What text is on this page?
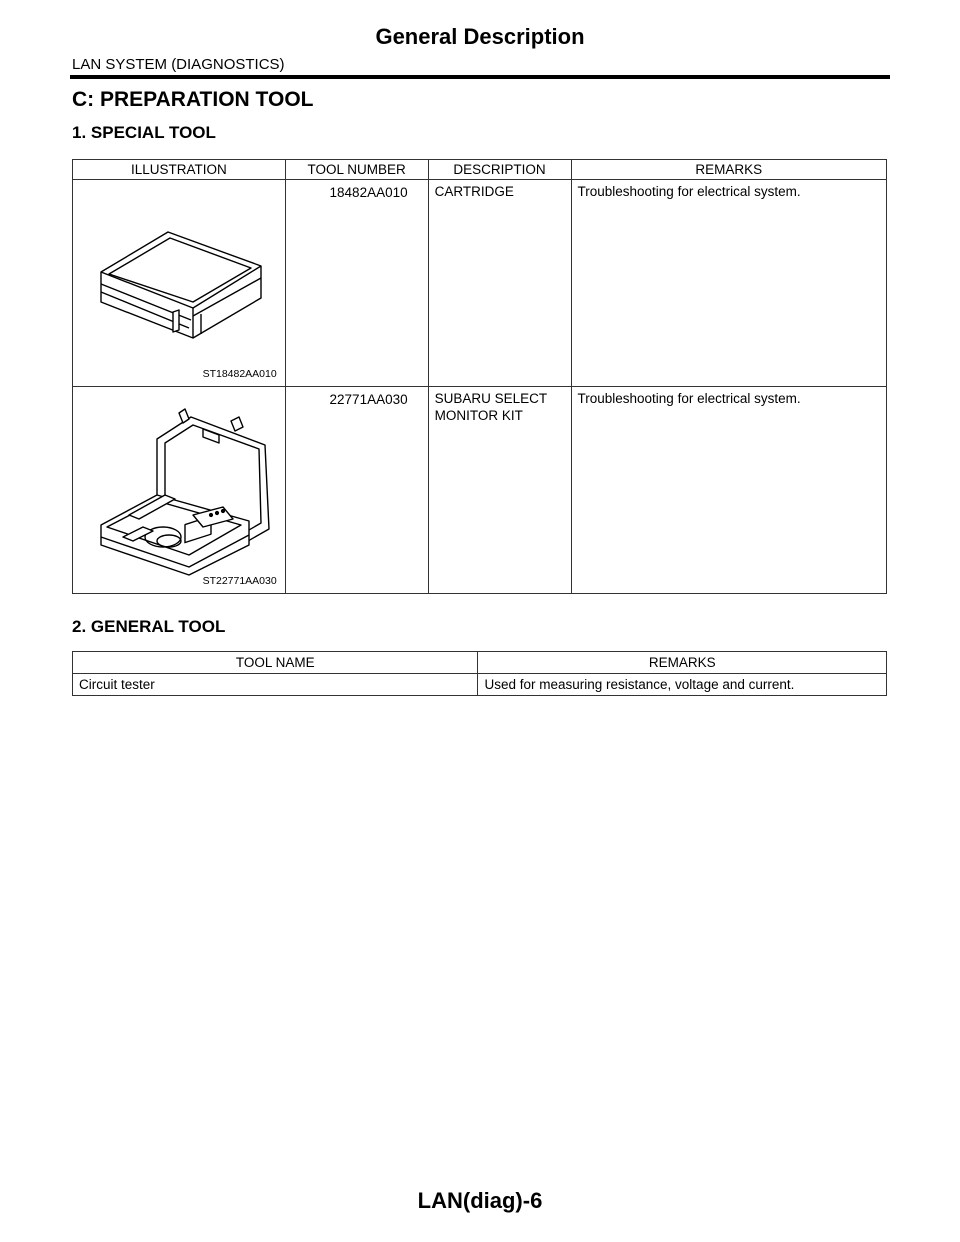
General Description
LAN SYSTEM (DIAGNOSTICS)
C: PREPARATION TOOL
1. SPECIAL TOOL
ILLUSTRATION	TOOL NUMBER	DESCRIPTION	REMARKS

ST18482AA010	18482AA010	CARTRIDGE	Troubleshooting for electrical system.

ST22771AA030	22771AA030	SUBARU SELECT MONITOR KIT	Troubleshooting for electrical system.
2. GENERAL TOOL
TOOL NAME	REMARKS
Circuit tester	Used for measuring resistance, voltage and current.
LAN(diag)-6
